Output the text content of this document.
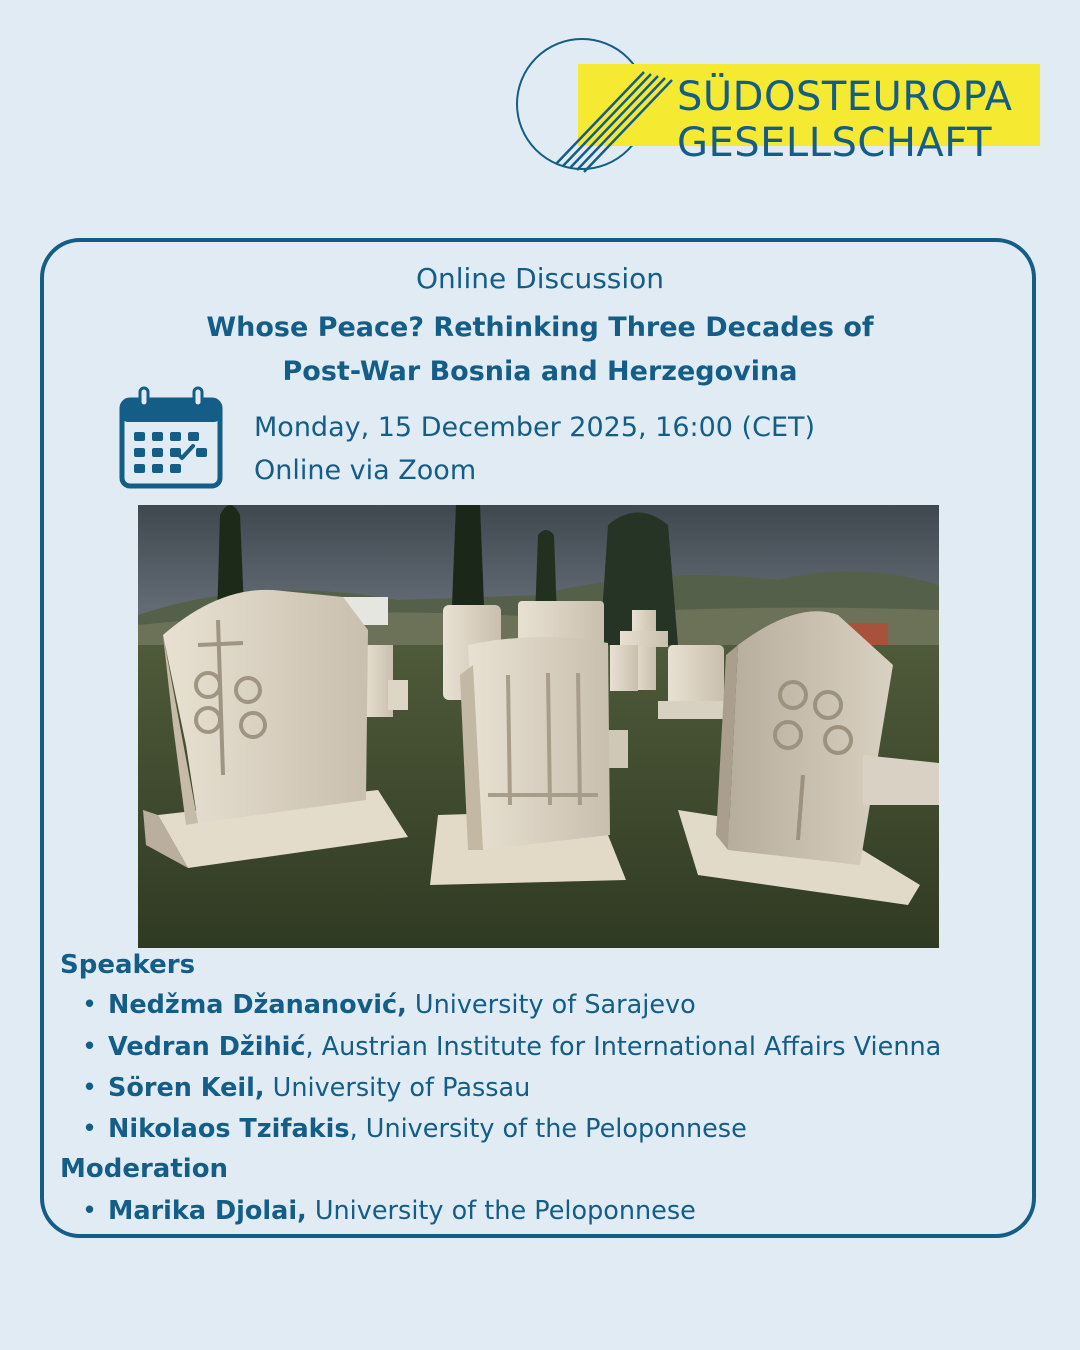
SÜDOSTEUROPA
GESELLSCHAFT
Online Discussion
Whose Peace? Rethinking Three Decades of
Post-War Bosnia and Herzegovina
Monday, 15 December 2025, 16:00 (CET)
Online via Zoom
Speakers
• Nedžma Džananović, University of Sarajevo
• Vedran Džihić, Austrian Institute for International Affairs Vienna
• Sören Keil, University of Passau
• Nikolaos Tzifakis, University of the Peloponnese
Moderation
• Marika Djolai, University of the Peloponnese
